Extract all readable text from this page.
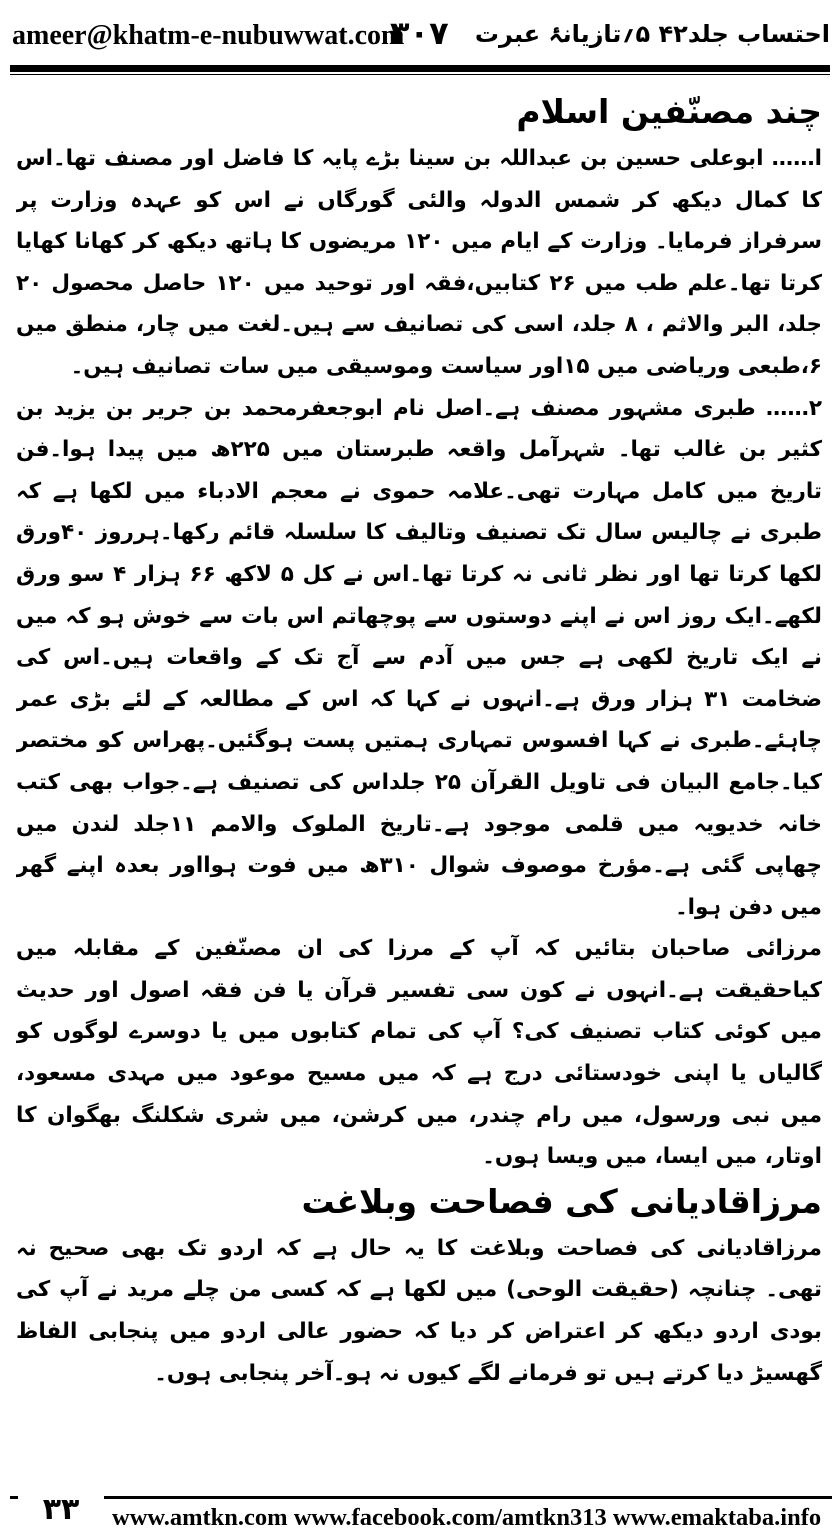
ameer@khatm-e-nubuwwat.com
۳۰۷ احتساب جلد۴۲ ۵؍تازیانۂ عبرت
چند مصنّفین اسلام

ا…… ابوعلی حسین بن عبداللہ بن سینا بڑے پایہ کا فاضل اور مصنف تھا۔اس کا کمال دیکھ کر شمس الدولہ والئی گورگاں نے اس کو عہدہ وزارت پر سرفراز فرمایا۔ وزارت کے ایام میں ۱۲۰ مریضوں کا ہاتھ دیکھ کر کھانا کھایا کرتا تھا۔علم طب میں ۲۶ کتابیں،فقہ اور توحید میں ۱۲۰ حاصل محصول ۲۰ جلد، البر والاثم ، ۸ جلد، اسی کی تصانیف سے ہیں۔لغت میں چار، منطق میں ۶،طبعی وریاضی میں ۱۵اور سیاست وموسیقی میں سات تصانیف ہیں۔

۲…… طبری مشہور مصنف ہے۔اصل نام ابوجعفرمحمد بن جریر بن یزید بن کثیر بن غالب تھا۔ شہرآمل واقعہ طبرستان میں ۲۲۵ھ میں پیدا ہوا۔فن تاریخ میں کامل مہارت تھی۔علامہ حموی نے معجم الادباء میں لکھا ہے کہ طبری نے چالیس سال تک تصنیف وتالیف کا سلسلہ قائم رکھا۔ہرروز ۴۰ورق لکھا کرتا تھا اور نظر ثانی نہ کرتا تھا۔اس نے کل ۵ لاکھ ۶۶ ہزار ۴ سو ورق لکھے۔ایک روز اس نے اپنے دوستوں سے پوچھاتم اس بات سے خوش ہو کہ میں نے ایک تاریخ لکھی ہے جس میں آدم سے آج تک کے واقعات ہیں۔اس کی ضخامت ۳۱ ہزار ورق ہے۔انہوں نے کہا کہ اس کے مطالعہ کے لئے بڑی عمر چاہئے۔طبری نے کہا افسوس تمہاری ہمتیں پست ہوگئیں۔پھراس کو مختصر کیا۔جامع البیان فی تاویل القرآن ۲۵ جلداس کی تصنیف ہے۔جواب بھی کتب خانہ خدیویہ میں قلمی موجود ہے۔تاریخ الملوک والامم ۱۱جلد لندن میں چھاپی گئی ہے۔مؤرخ موصوف شوال ۳۱۰ھ میں فوت ہوااور بعدہ اپنے گھر میں دفن ہوا۔

مرزائی صاحبان بتائیں کہ آپ کے مرزا کی ان مصنّفین کے مقابلہ میں کیاحقیقت ہے۔انہوں نے کون سی تفسیر قرآن یا فن فقہ اصول اور حدیث میں کوئی کتاب تصنیف کی؟ آپ کی تمام کتابوں میں یا دوسرے لوگوں کو گالیاں یا اپنی خودستائی درج ہے کہ میں مسیح موعود میں مہدی مسعود، میں نبی ورسول، میں رام چندر، میں کرشن، میں شری شکلنگ بھگوان کا اوتار، میں ایسا، میں ویسا ہوں۔

مرزاقادیانی کی فصاحت وبلاغت

مرزاقادیانی کی فصاحت وبلاغت کا یہ حال ہے کہ اردو تک بھی صحیح نہ تھی۔ چنانچہ (حقیقت الوحی) میں لکھا ہے کہ کسی من چلے مرید نے آپ کی بودی اردو دیکھ کر اعتراض کر دیا کہ حضور عالی اردو میں پنجابی الفاظ گھسیڑ دیا کرتے ہیں تو فرمانے لگے کیوں نہ ہو۔آخر پنجابی ہوں۔

۳۳	www.amtkn.com www.facebook.com/amtkn313 www.emaktaba.info
